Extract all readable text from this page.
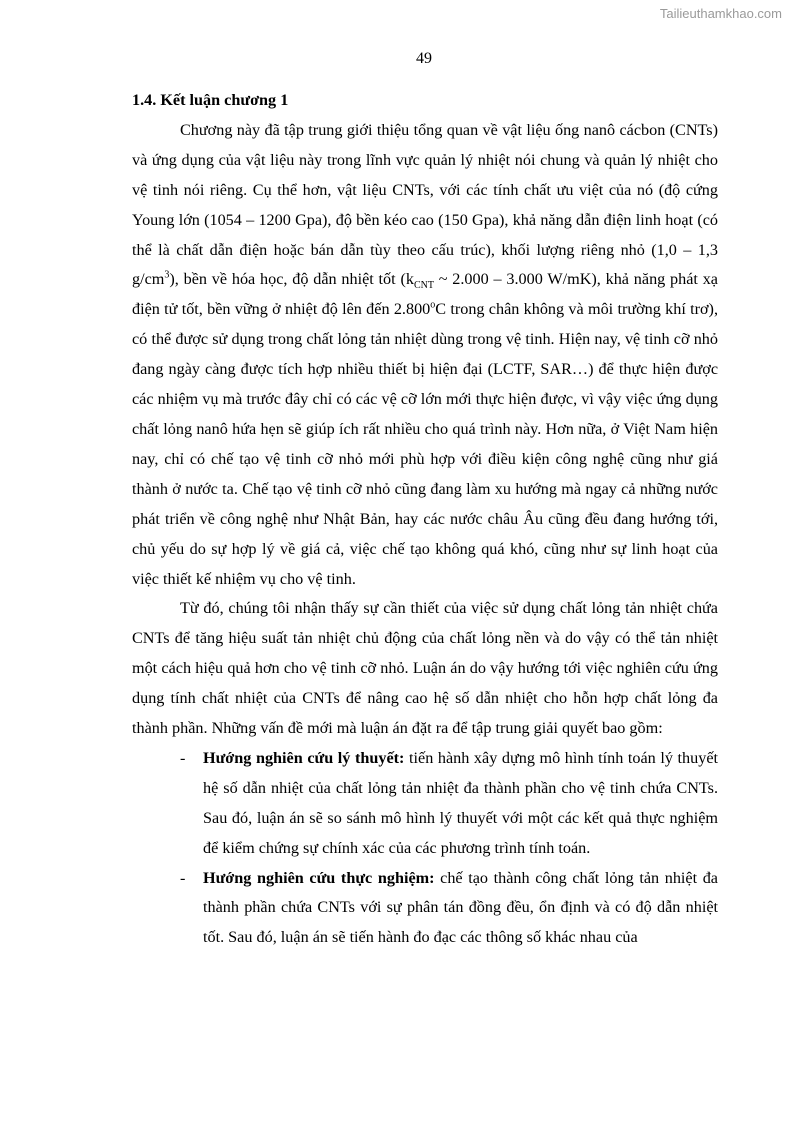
Tailieuthamkhao.com
49

1.4. Kết luận chương 1

Chương này đã tập trung giới thiệu tổng quan về vật liệu ống nanô cácbon (CNTs) và ứng dụng của vật liệu này trong lĩnh vực quản lý nhiệt nói chung và quản lý nhiệt cho vệ tinh nói riêng. Cụ thể hơn, vật liệu CNTs, với các tính chất ưu việt của nó (độ cứng Young lớn (1054 – 1200 Gpa), độ bền kéo cao (150 Gpa), khả năng dẫn điện linh hoạt (có thể là chất dẫn điện hoặc bán dẫn tùy theo cấu trúc), khối lượng riêng nhỏ (1,0 – 1,3 $g/cm^3$), bền về hóa học, độ dẫn nhiệt tốt ($k_{CNT}$ ~ 2.000 – 3.000 W/mK), khả năng phát xạ điện tử tốt, bền vững ở nhiệt độ lên đến 2.800$^o$C trong chân không và môi trường khí trơ), có thể được sử dụng trong chất lỏng tản nhiệt dùng trong vệ tinh. Hiện nay, vệ tinh cỡ nhỏ đang ngày càng được tích hợp nhiều thiết bị hiện đại (LCTF, SAR…) để thực hiện được các nhiệm vụ mà trước đây chỉ có các vệ cỡ lớn mới thực hiện được, vì vậy việc ứng dụng chất lỏng nanô hứa hẹn sẽ giúp ích rất nhiều cho quá trình này. Hơn nữa, ở Việt Nam hiện nay, chỉ có chế tạo vệ tinh cỡ nhỏ mới phù hợp với điều kiện công nghệ cũng như giá thành ở nước ta. Chế tạo vệ tinh cỡ nhỏ cũng đang làm xu hướng mà ngay cả những nước phát triển về công nghệ như Nhật Bản, hay các nước châu Âu cũng đều đang hướng tới, chủ yếu do sự hợp lý về giá cả, việc chế tạo không quá khó, cũng như sự linh hoạt của việc thiết kế nhiệm vụ cho vệ tinh.

Từ đó, chúng tôi nhận thấy sự cần thiết của việc sử dụng chất lỏng tản nhiệt chứa CNTs để tăng hiệu suất tản nhiệt chủ động của chất lỏng nền và do vậy có thể tản nhiệt một cách hiệu quả hơn cho vệ tinh cỡ nhỏ. Luận án do vậy hướng tới việc nghiên cứu ứng dụng tính chất nhiệt của CNTs để nâng cao hệ số dẫn nhiệt cho hỗn hợp chất lỏng đa thành phần. Những vấn đề mới mà luận án đặt ra để tập trung giải quyết bao gồm:

- Hướng nghiên cứu lý thuyết: tiến hành xây dựng mô hình tính toán lý thuyết hệ số dẫn nhiệt của chất lỏng tản nhiệt đa thành phần cho vệ tinh chứa CNTs. Sau đó, luận án sẽ so sánh mô hình lý thuyết với một các kết quả thực nghiệm để kiểm chứng sự chính xác của các phương trình tính toán.
- Hướng nghiên cứu thực nghiệm: chế tạo thành công chất lỏng tản nhiệt đa thành phần chứa CNTs với sự phân tán đồng đều, ổn định và có độ dẫn nhiệt tốt. Sau đó, luận án sẽ tiến hành đo đạc các thông số khác nhau của
